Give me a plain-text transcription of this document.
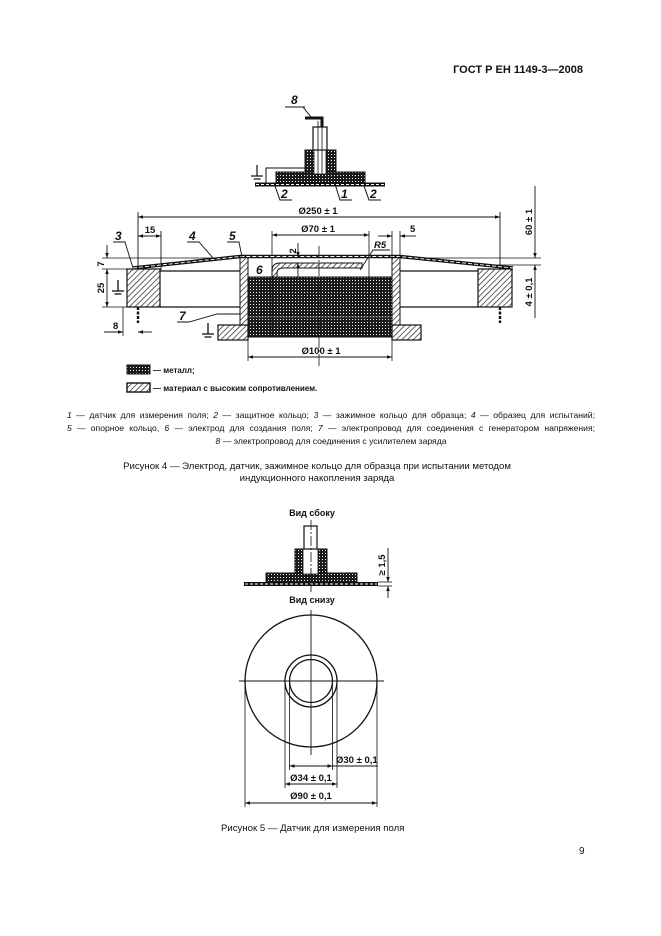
ГОСТ Р ЕН 1149-3—2008
8
2	1 2
Ø250 ± 1
15	Ø70 ± 1	5
2	R5
Ø100 ± 1
60 ± 1
4 ± 0,1
7
25
8
3	4	5
6
7
— металл;
— материал с высоким сопротивлением.
Вид сбоку
≥ 1,5
Вид снизу
Ø30 ± 0,1
Ø34 ± 0,1
Ø90 ± 0,1
1 — датчик для измерения поля; 2 — защитное кольцо; 3 — зажимное кольцо для образца; 4 — образец для испытаний;
5 — опорное кольцо, 6 — электрод для создания поля; 7 — электропровод для соединения с генератором напряжения;
8 — электропровод для соединения с усилителем заряда
Рисунок 4 — Электрод, датчик, зажимное кольцо для образца при испытании методом
индукционного накопления заряда
Рисунок 5 — Датчик для измерения поля
9
